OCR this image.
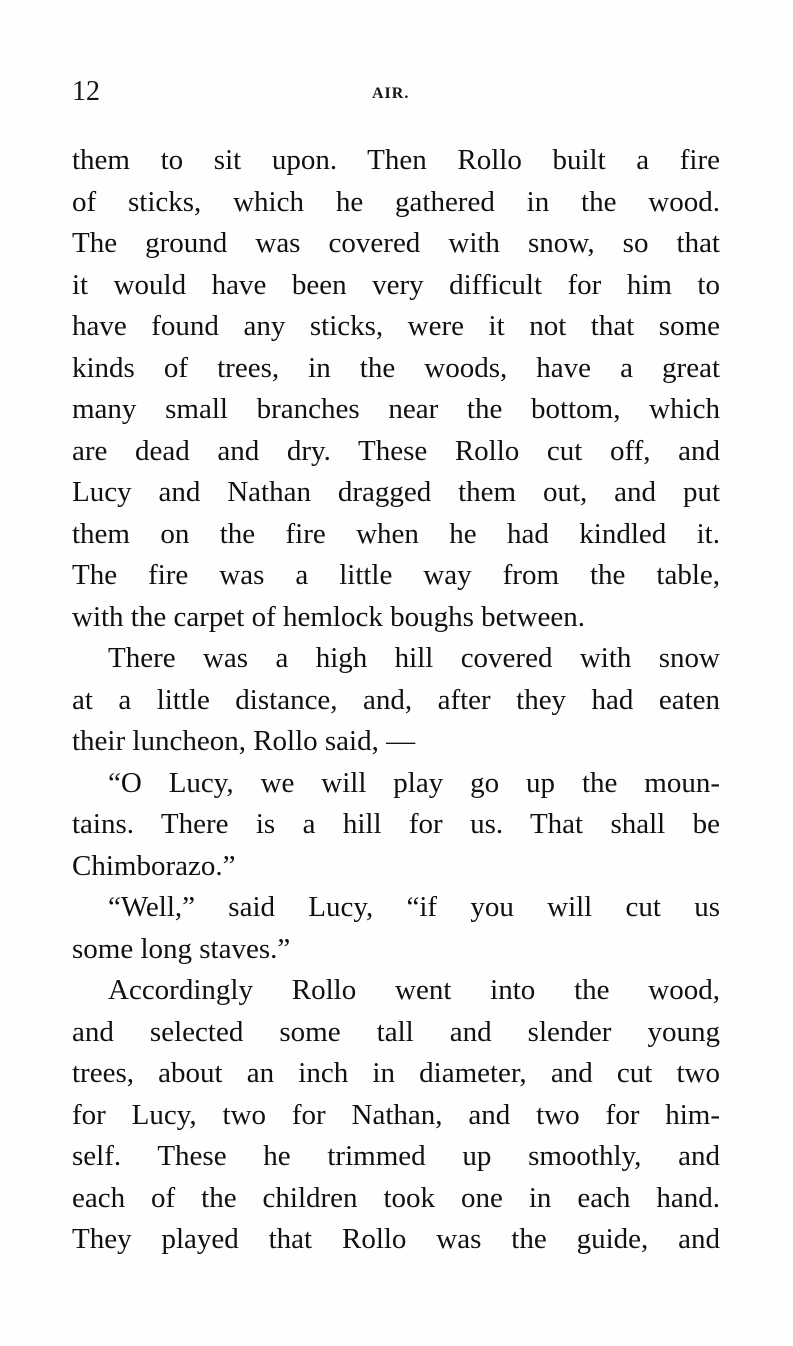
12	AIR.
them to sit upon. Then Rollo built a fire
of sticks, which he gathered in the wood.
The ground was covered with snow, so that
it would have been very difficult for him to
have found any sticks, were it not that some
kinds of trees, in the woods, have a great
many small branches near the bottom, which
are dead and dry. These Rollo cut off, and
Lucy and Nathan dragged them out, and put
them on the fire when he had kindled it.
The fire was a little way from the table,
with the carpet of hemlock boughs between.
There was a high hill covered with snow
at a little distance, and, after they had eaten
their luncheon, Rollo said, —
“O Lucy, we will play go up the moun-
tains. There is a hill for us. That shall be
Chimborazo.”
“Well,” said Lucy, “if you will cut us
some long staves.”
Accordingly Rollo went into the wood,
and selected some tall and slender young
trees, about an inch in diameter, and cut two
for Lucy, two for Nathan, and two for him-
self. These he trimmed up smoothly, and
each of the children took one in each hand.
They played that Rollo was the guide, and
